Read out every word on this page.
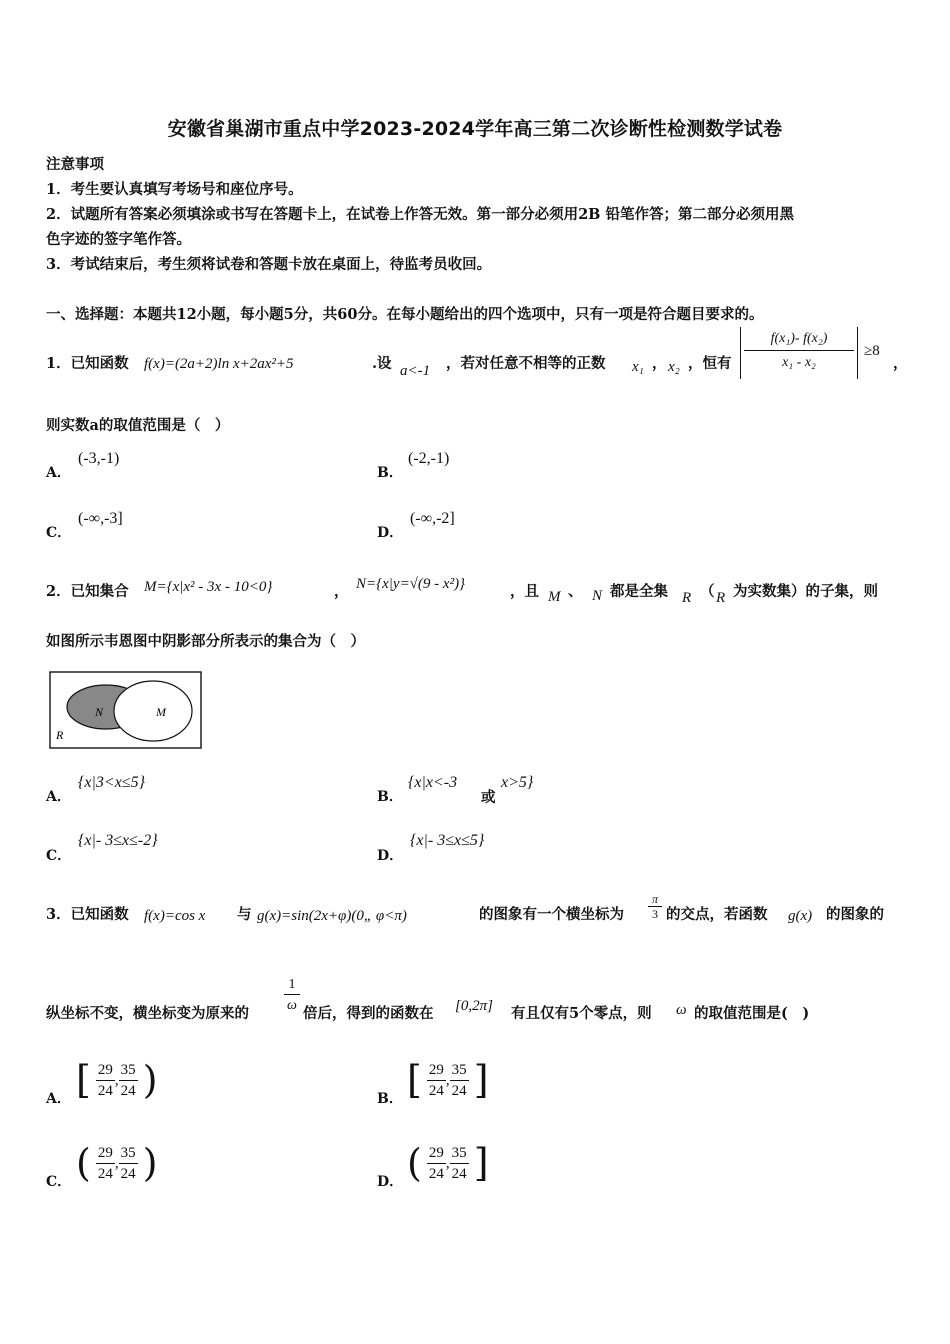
安徽省巢湖市重点中学2023-2024学年高三第二次诊断性检测数学试卷
注意事项
1．考生要认真填写考场号和座位序号。
2．试题所有答案必须填涂或书写在答题卡上，在试卷上作答无效。第一部分必须用2B 铅笔作答；第二部分必须用黑
色字迹的签字笔作答。
3．考试结束后，考生须将试卷和答题卡放在桌面上，待监考员收回。
一、选择题：本题共12小题，每小题5分，共60分。在每小题给出的四个选项中，只有一项是符合题目要求的。
1．已知函数 f(x)=(2a+2)ln x+2ax²+5	.设 a<-1 ，若对任意不相等的正数 x₁ ， x₂ ，恒有 $\frac{\text{f(x₁)- f(x₂)}}{\text{x₁ - x₂}} \ge 8$
，
则实数a的取值范围是（　）
A．
(-3,-1)
B．
(-2,-1)
C．
(-∞,-3]
D．
(-∞,-2]
2．已知集合 M={x|x² - 3x - 10<0}	， N={x|y=√(9 - x²)}	，且 M 、 N 都是全集 R （ R 为实数集）的子集，则
如图所示韦恩图中阴影部分所表示的集合为（　）
N	M
R
A．
{x|3<x≤5}
B．
{x|x<-3
或
x>5}
C．
{x|- 3≤x≤-2}
D．
{x|- 3≤x≤5}
3．已知函数 f(x)=cos x 与 g(x)=sin(2x+φ)(0„ φ<π)	的图象有一个横坐标为
π
3 的交点，若函数 g(x) 的图象的
纵坐标不变，横坐标变为原来的
1
ω 倍后，得到的函数在 [0,2π] 有且仅有5个零点，则 ω 的取值范围是(　)
A． [ $\frac{29}{24}$ , $\frac{35}{24}$ )	B． [ $\frac{29}{24}$ , $\frac{35}{24}$ ]
C． ( $\frac{29}{24}$ , $\frac{35}{24}$ )	D． ( $\frac{29}{24}$ , $\frac{35}{24}$ ]
